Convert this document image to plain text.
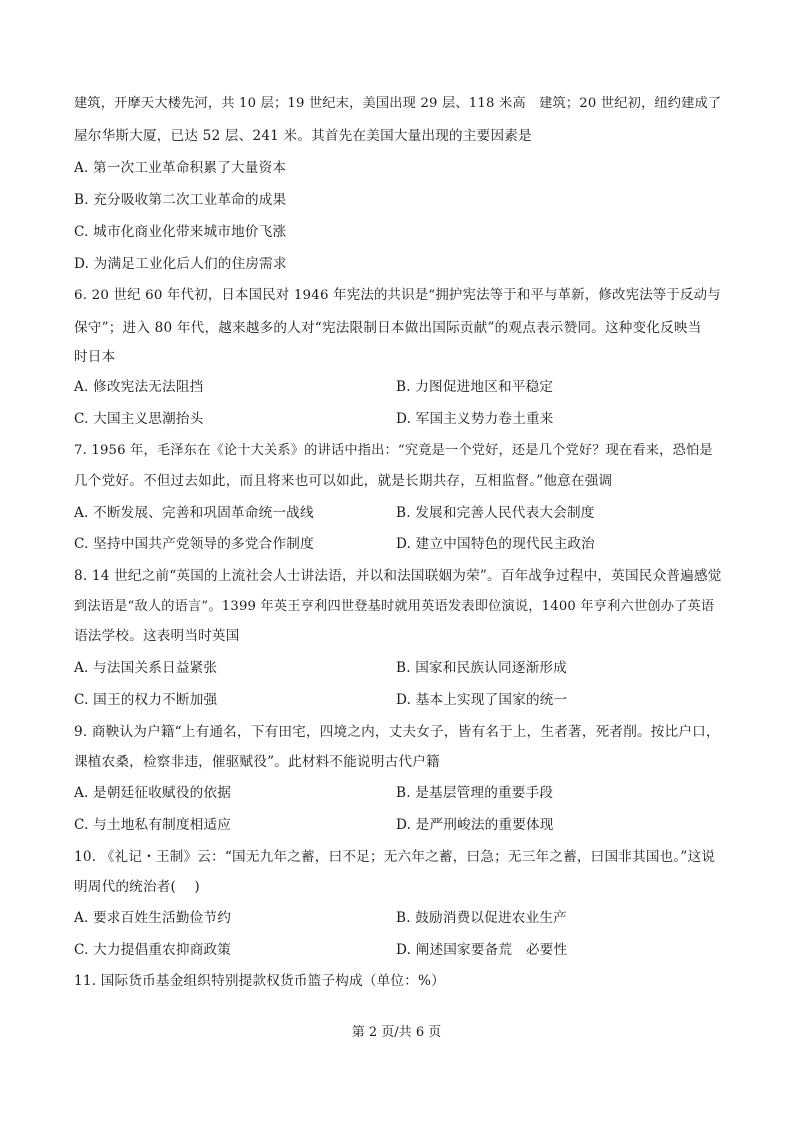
建筑，开摩天大楼先河，共 10 层；19 世纪末，美国出现 29 层、118 米高　建筑；20 世纪初，纽约建成了
屋尔华斯大厦，已达 52 层、241 米。其首先在美国大量出现的主要因素是
A. 第一次工业革命积累了大量资本
B. 充分吸收第二次工业革命的成果
C. 城市化商业化带来城市地价飞涨
D. 为满足工业化后人们的住房需求
6. 20 世纪 60 年代初，日本国民对 1946 年宪法的共识是“拥护宪法等于和平与革新，修改宪法等于反动与
保守”；进入 80 年代，越来越多的人对“宪法限制日本做出国际贡献”的观点表示赞同。这种变化反映当
时日本
A. 修改宪法无法阻挡	B. 力图促进地区和平稳定
C. 大国主义思潮抬头	D. 军国主义势力卷土重来
7. 1956 年，毛泽东在《论十大关系》的讲话中指出：“究竟是一个党好，还是几个党好？现在看来，恐怕是
几个党好。不但过去如此，而且将来也可以如此，就是长期共存，互相监督。”他意在强调
A. 不断发展、完善和巩固革命统一战线	B. 发展和完善人民代表大会制度
C. 坚持中国共产党领导的多党合作制度	D. 建立中国特色的现代民主政治
8. 14 世纪之前“英国的上流社会人士讲法语，并以和法国联姻为荣”。百年战争过程中，英国民众普遍感觉
到法语是“敌人的语言”。1399 年英王亨利四世登基时就用英语发表即位演说，1400 年亨利六世创办了英语
语法学校。这表明当时英国
A. 与法国关系日益紧张	B. 国家和民族认同逐渐形成
C. 国王的权力不断加强	D. 基本上实现了国家的统一
9. 商鞅认为户籍“上有通名，下有田宅，四境之内，丈夫女子，皆有名于上，生者著，死者削。按比户口，
课植农桑，检察非违，催驱赋役”。此材料不能说明古代户籍
A. 是朝廷征收赋役的依据	B. 是基层管理的重要手段
C. 与土地私有制度相适应	D. 是严刑峻法的重要体现
10. 《礼记・王制》云：“国无九年之蓄，曰不足；无六年之蓄，曰急；无三年之蓄，曰国非其国也。”这说
明周代的统治者(　 )
A. 要求百姓生活勤俭节约	B. 鼓励消费以促进农业生产
C. 大力提倡重农抑商政策	D. 阐述国家要备荒　必要性
11. 国际货币基金组织特别提款权货币篮子构成（单位：%）
第 2 页/共 6 页
